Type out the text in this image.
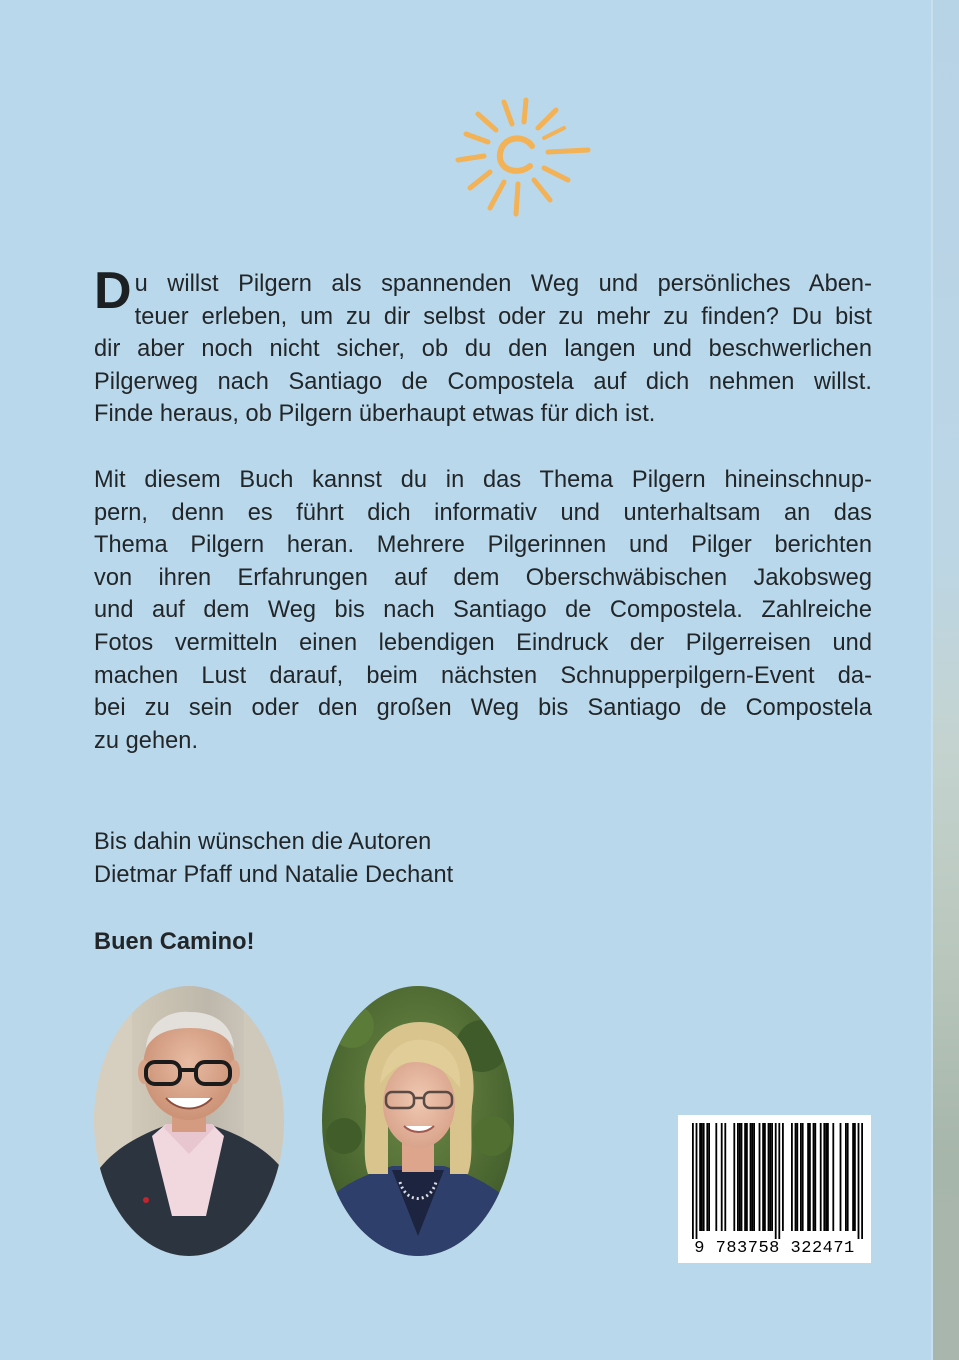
D u willst Pilgern als spannenden Weg und persönliches Aben-
teuer erleben, um zu dir selbst oder zu mehr zu finden? Du bist
dir aber noch nicht sicher, ob du den langen und beschwerlichen
Pilgerweg nach Santiago de Compostela auf dich nehmen willst.
Finde heraus, ob Pilgern überhaupt etwas für dich ist.
Mit diesem Buch kannst du in das Thema Pilgern hineinschnup-
pern, denn es führt dich informativ und unterhaltsam an das
Thema Pilgern heran. Mehrere Pilgerinnen und Pilger berichten
von ihren Erfahrungen auf dem Oberschwäbischen Jakobsweg
und auf dem Weg bis nach Santiago de Compostela. Zahlreiche
Fotos vermitteln einen lebendigen Eindruck der Pilgerreisen und
machen Lust darauf, beim nächsten Schnupperpilgern-Event da-
bei zu sein oder den großen Weg bis Santiago de Compostela
zu gehen.
Bis dahin wünschen die Autoren
Dietmar Pfaff und Natalie Dechant
Buen Camino!
9 783758 322471
